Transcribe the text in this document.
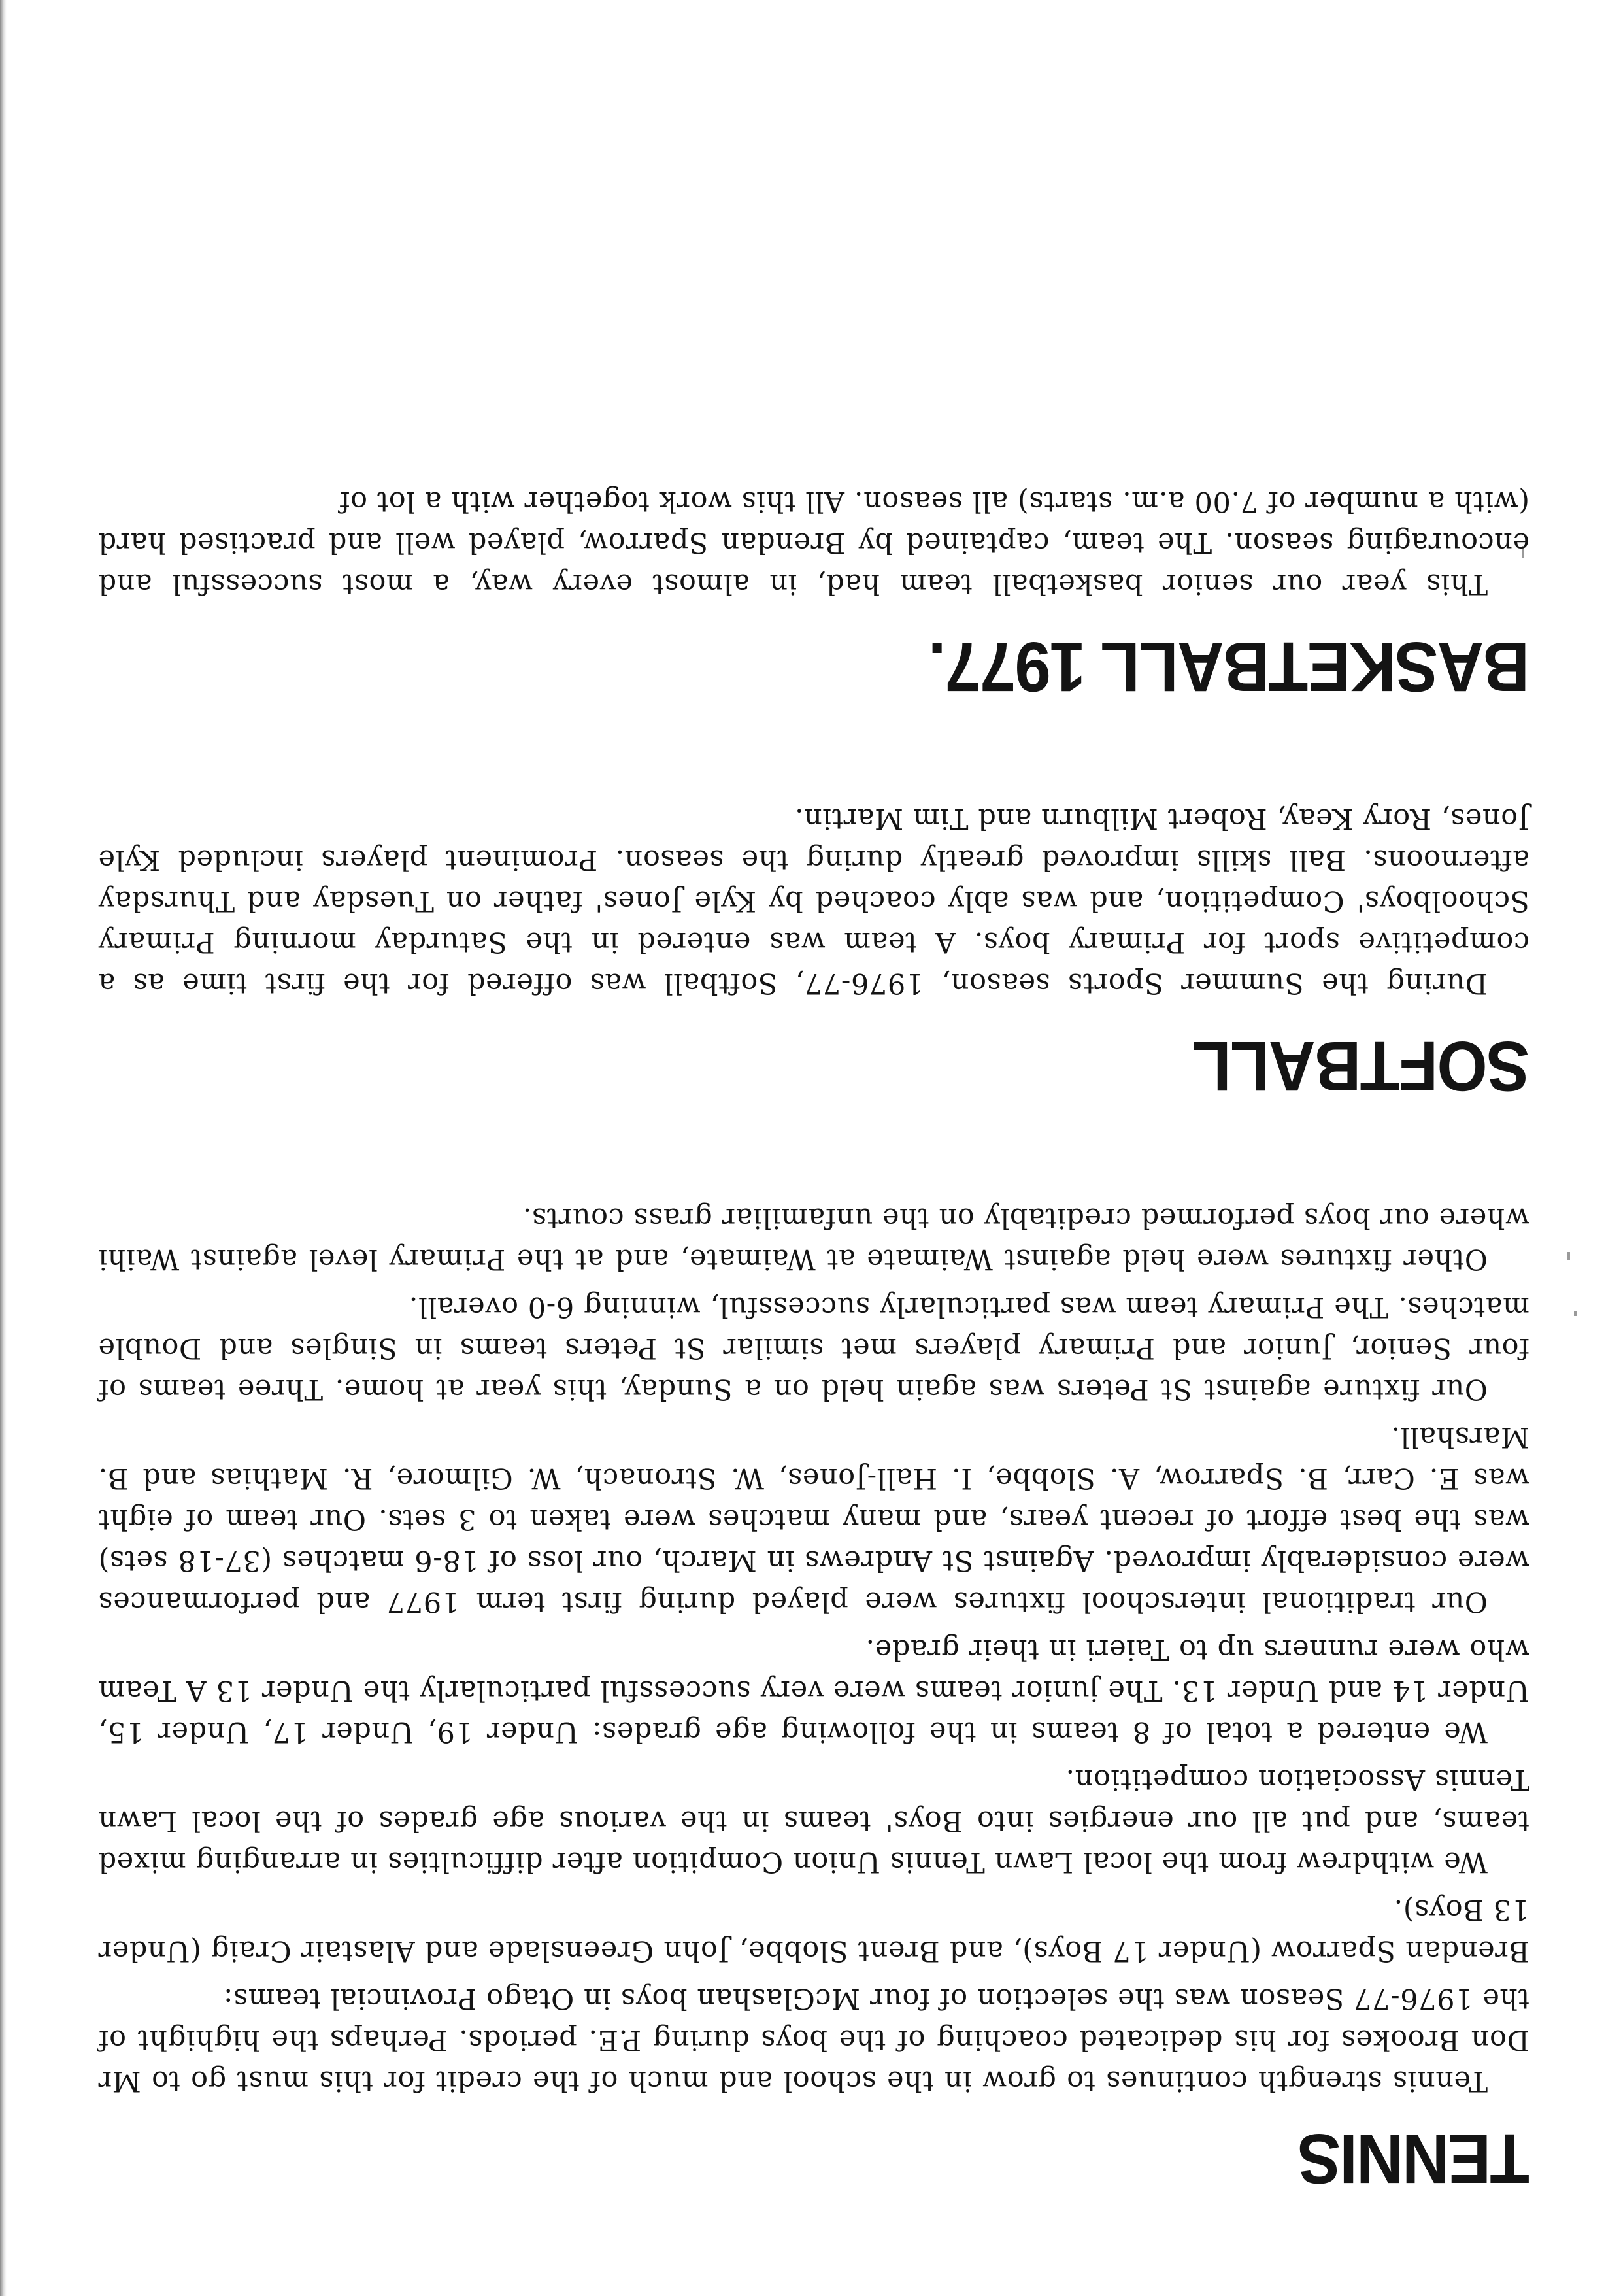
TENNIS

Tennis strength continues to grow in the school and much of the credit for this must go to Mr Don Brookes for his dedicated coaching of the boys during P.E. periods. Perhaps the highight of the 1976-77 Season was the selection of four McGlashan boys in Otago Provincial teams:

Brendan Sparrow (Under 17 Boys), and Brent Slobbe, John Greenslade and Alastair Craig (Under 13 Boys).

We withdrew from the local Lawn Tennis Union Compition after difficulties in arranging mixed teams, and put all our energies into Boys' teams in the various age grades of the local Lawn Tennis Association competition.

We entered a total of 8 teams in the following age grades: Under 19, Under 17, Under 15, Under 14 and Under 13. The junior teams were very successful particularly the Under 13 A Team who were runners up to Taieri in their grade.

Our traditional interschool fixtures were played during first term 1977 and performances were considerably improved. Against St Andrews in March, our loss of 18-6 matches (37-18 sets) was the best effort of recent years, and many matches were taken to 3 sets. Our team of eight was E. Carr, B. Sparrow, A. Slobbe, I. Hall-Jones, W. Stronach, W. Gilmore, R. Mathias and B. Marshall.

Our fixture against St Peters was again held on a Sunday, this year at home. Three teams of four Senior, Junior and Primary players met similar St Peters teams in Singles and Double matches. The Primary team was particularly successful, winning 6-0 overall.

Other fixtures were held against Waimate at Waimate, and at the Primary level against Waihi where our boys performed creditably on the unfamiliar grass courts.

SOFTBALL

During the Summer Sports season, 1976-77, Softball was offered for the first time as a competitive sport for Primary boys. A team was entered in the Saturday morning Primary Schoolboys' Competition, and was ably coached by Kyle Jones' father on Tuesday and Thursday afternoons. Ball skills improved greatly during the season. Prominent players included Kyle Jones, Rory Keay, Robert Milburn and Tim Martin.

BASKETBALL 1977.

This year our senior basketball team had, in almost every way, a most successful and encouraging season. The team, captained by Brendan Sparrow, played well and practised hard (with a number of 7.00 a.m. starts) all season. All this work together with a lot of
